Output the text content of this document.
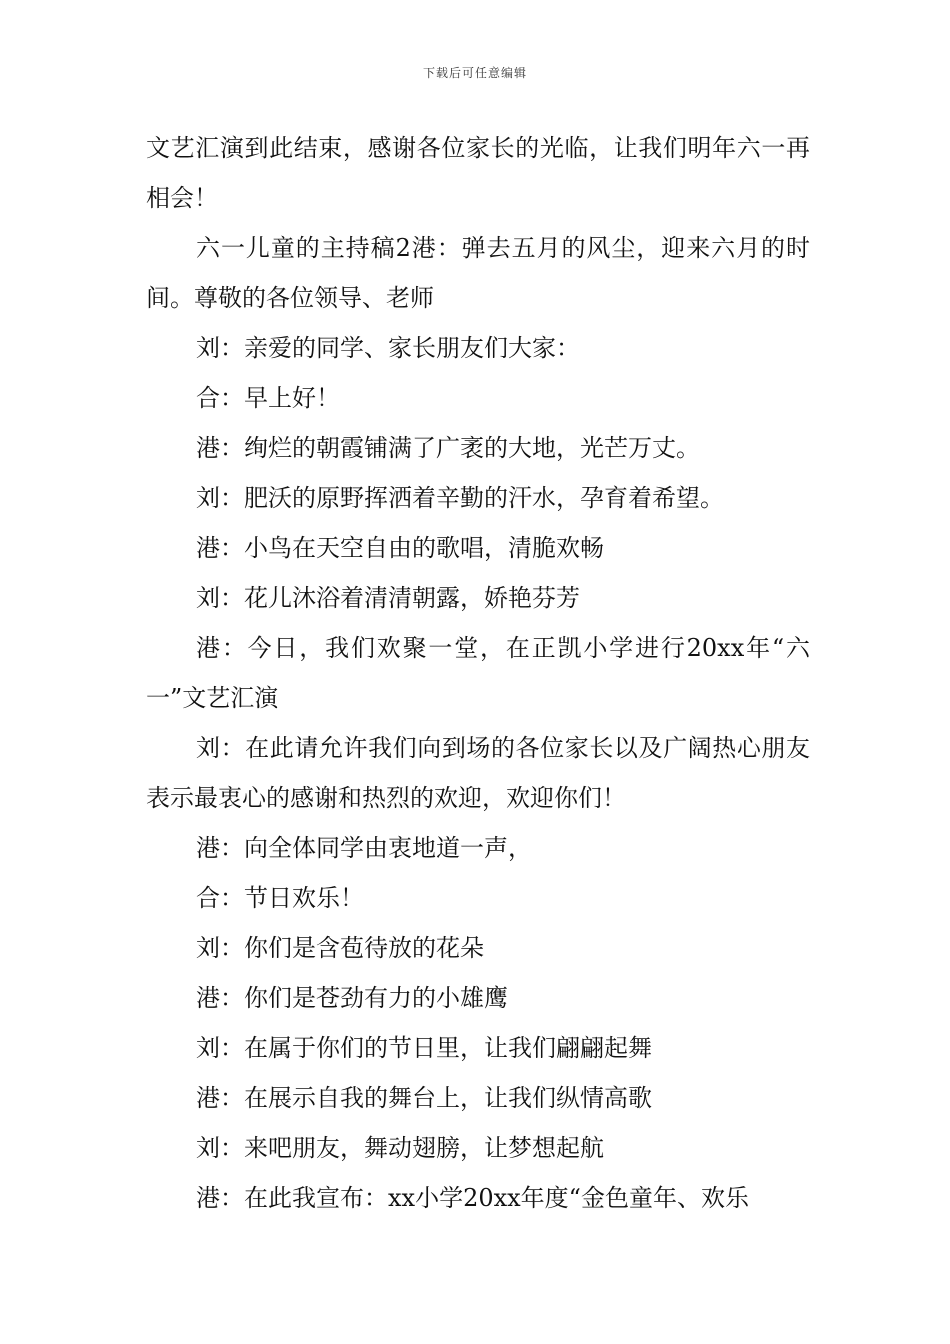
下载后可任意编辑

文艺汇演到此结束，感谢各位家长的光临，让我们明年六一再相会！

六一儿童的主持稿2港：弹去五月的风尘，迎来六月的时间。尊敬的各位领导、老师

刘：亲爱的同学、家长朋友们大家：

合：早上好！

港：绚烂的朝霞铺满了广袤的大地，光芒万丈。

刘：肥沃的原野挥洒着辛勤的汗水，孕育着希望。

港：小鸟在天空自由的歌唱，清脆欢畅

刘：花儿沐浴着清清朝露，娇艳芬芳

港：今日，我们欢聚一堂，在正凯小学进行20xx年“六一”文艺汇演

刘：在此请允许我们向到场的各位家长以及广阔热心朋友表示最衷心的感谢和热烈的欢迎，欢迎你们！

港：向全体同学由衷地道一声，

合：节日欢乐！

刘：你们是含苞待放的花朵

港：你们是苍劲有力的小雄鹰

刘：在属于你们的节日里，让我们翩翩起舞

港：在展示自我的舞台上，让我们纵情高歌

刘：来吧朋友，舞动翅膀，让梦想起航

港：在此我宣布：xx小学20xx年度“金色童年、欢乐
